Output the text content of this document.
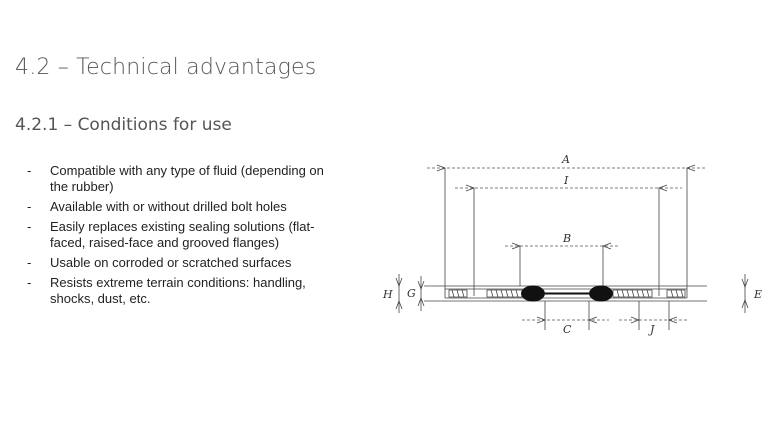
4.2 – Technical advantages
4.2.1 – Conditions for use
- Compatible with any type of fluid (depending on the rubber)
- Available with or without drilled bolt holes
- Easily replaces existing sealing solutions (flat-faced, raised-face and grooved flanges)
- Usable on corroded or scratched surfaces
- Resists extreme terrain conditions: handling, shocks, dust, etc.
A
I
B
H G	E
C	J
